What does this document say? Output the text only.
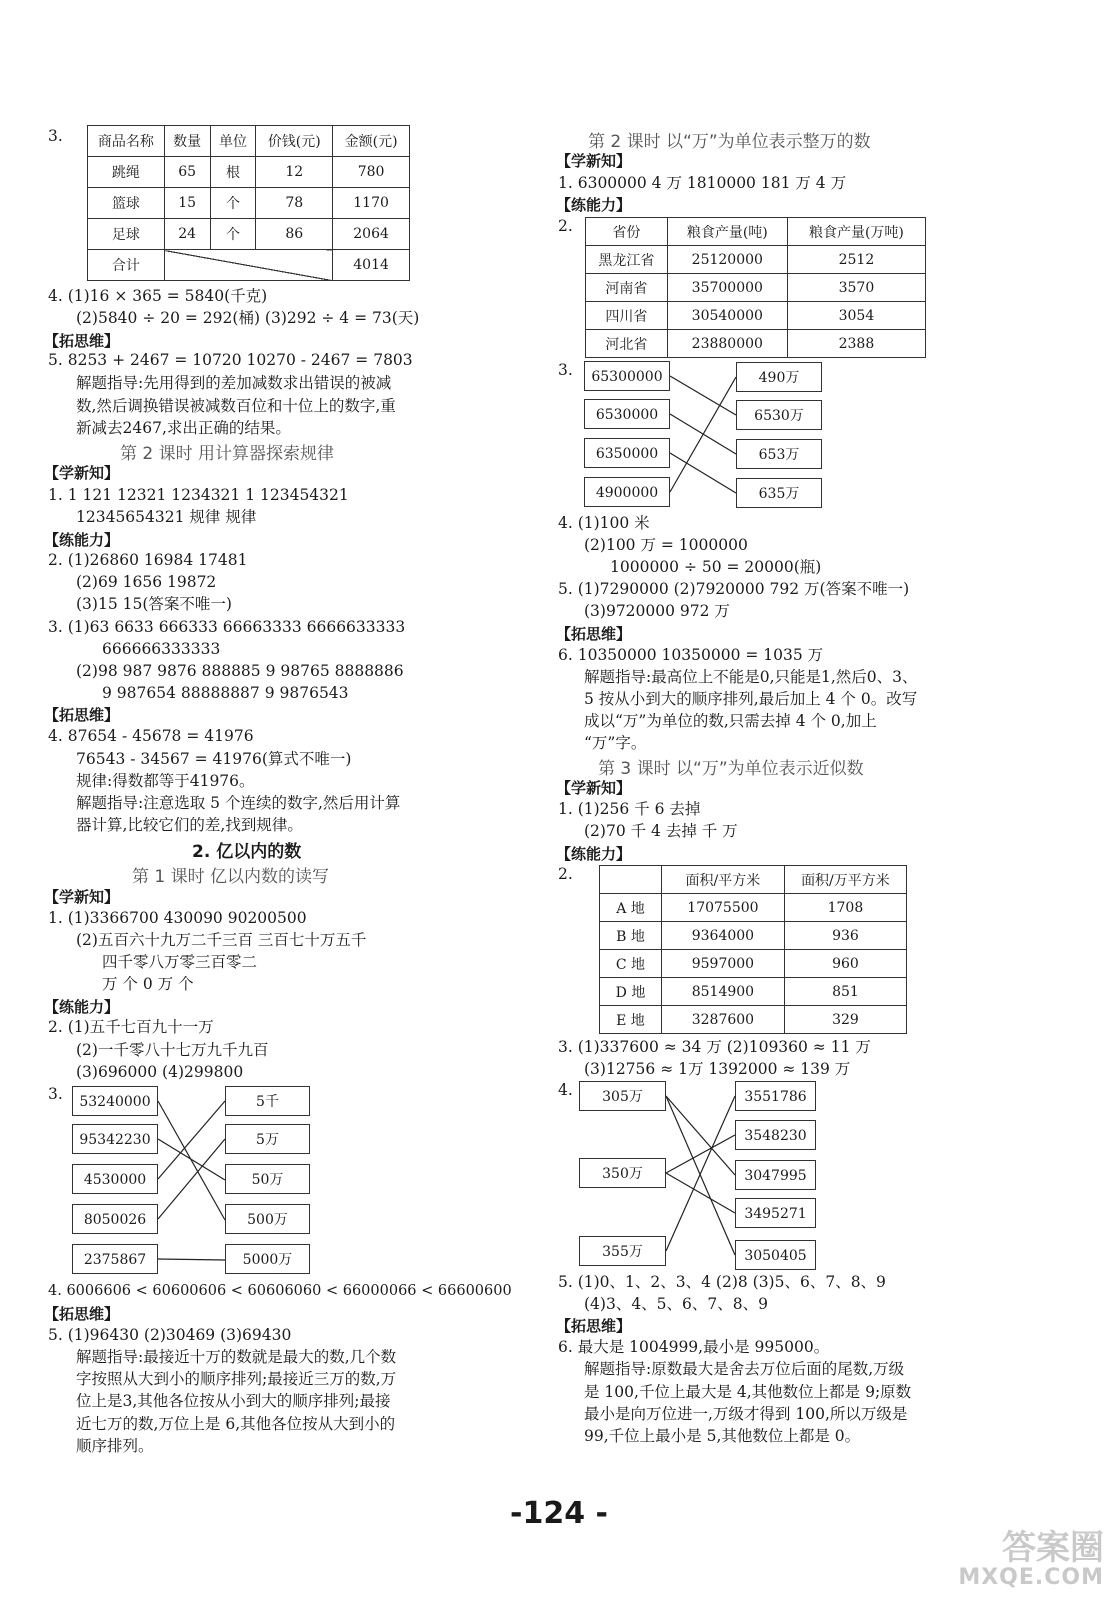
3.	商品名称	数量	单位	价钱(元)	金额(元)
跳绳	65	根	12	780
篮球	15	个	78	1170
足球	24	个	86	2064
合计				4014
4. (1)16 × 365 = 5840(千克)
(2)5840 ÷ 20 = 292(桶) (3)292 ÷ 4 = 73(天)
【拓思维】
5. 8253 + 2467 = 10720 10270 - 2467 = 7803
解题指导:先用得到的差加减数求出错误的被减
数,然后调换错误被减数百位和十位上的数字,重
新减去2467,求出正确的结果。
第 2 课时 用计算器探索规律
【学新知】
1. 1 121 12321 1234321 1 123454321
12345654321 规律 规律
【练能力】
2. (1)26860 16984 17481
(2)69 1656 19872
(3)15 15(答案不唯一)
3. (1)63 6633 666333 66663333 6666633333
666666333333
(2)98 987 9876 888885 9 98765 8888886
9 987654 88888887 9 9876543
【拓思维】
4. 87654 - 45678 = 41976
76543 - 34567 = 41976(算式不唯一)
规律:得数都等于41976。
解题指导:注意选取 5 个连续的数字,然后用计算
器计算,比较它们的差,找到规律。
2. 亿以内的数
第 1 课时 亿以内数的读写
【学新知】
1. (1)3366700 430090 90200500
(2)五百六十九万二千三百 三百七十万五千
四千零八万零三百零二
万 个 0 万 个
【练能力】
2. (1)五千七百九十一万
(2)一千零八十七万九千九百
(3)696000 (4)299800
3.	53240000
95342230
4530000
8050026
2375867
5千
5万
50万
500万
5000万
4. 6006606 < 60600606 < 60606060 < 66000066 < 66600600
【拓思维】
5. (1)96430 (2)30469 (3)69430
解题指导:最接近十万的数就是最大的数,几个数
字按照从大到小的顺序排列;最接近三万的数,万
位上是3,其他各位按从小到大的顺序排列;最接
近七万的数,万位上是 6,其他各位按从大到小的
顺序排列。
第 2 课时 以“万”为单位表示整万的数
【学新知】
1. 6300000 4 万 1810000 181 万 4 万
【练能力】
2.	省份	粮食产量(吨)	粮食产量(万吨)
黑龙江省	25120000	2512
河南省	35700000	3570
四川省	30540000	3054
河北省	23880000	2388
3.	65300000
6530000
6350000
4900000
490万
6530万
653万
635万
4. (1)100 米
(2)100 万 = 1000000
1000000 ÷ 50 = 20000(瓶)
5. (1)7290000 (2)7920000 792 万(答案不唯一)
(3)9720000 972 万
【拓思维】
6. 10350000 10350000 = 1035 万
解题指导:最高位上不能是0,只能是1,然后0、3、
5 按从小到大的顺序排列,最后加上 4 个 0。改写
成以“万”为单位的数,只需去掉 4 个 0,加上
“万”字。
第 3 课时 以“万”为单位表示近似数
【学新知】
1. (1)256 千 6 去掉
(2)70 千 4 去掉 千 万
【练能力】
2.
		面积/平方米	面积/万平方米
A 地	17075500	1708
B 地	9364000	936
C 地	9597000	960
D 地	8514900	851
E 地	3287600	329
3. (1)337600 ≈ 34 万 (2)109360 ≈ 11 万
(3)12756 ≈ 1万 1392000 ≈ 139 万
4.	305万
350万
355万
3551786
3548230
3047995
3495271
3050405
5. (1)0、1、2、3、4 (2)8 (3)5、6、7、8、9
(4)3、4、5、6、7、8、9
【拓思维】
6. 最大是 1004999,最小是 995000。
解题指导:原数最大是舍去万位后面的尾数,万级
是 100,千位上最大是 4,其他数位上都是 9;原数
最小是向万位进一,万级才得到 100,所以万级是
99,千位上最小是 5,其他数位上都是 0。
-124 -
答案圈
MXQE.COM
